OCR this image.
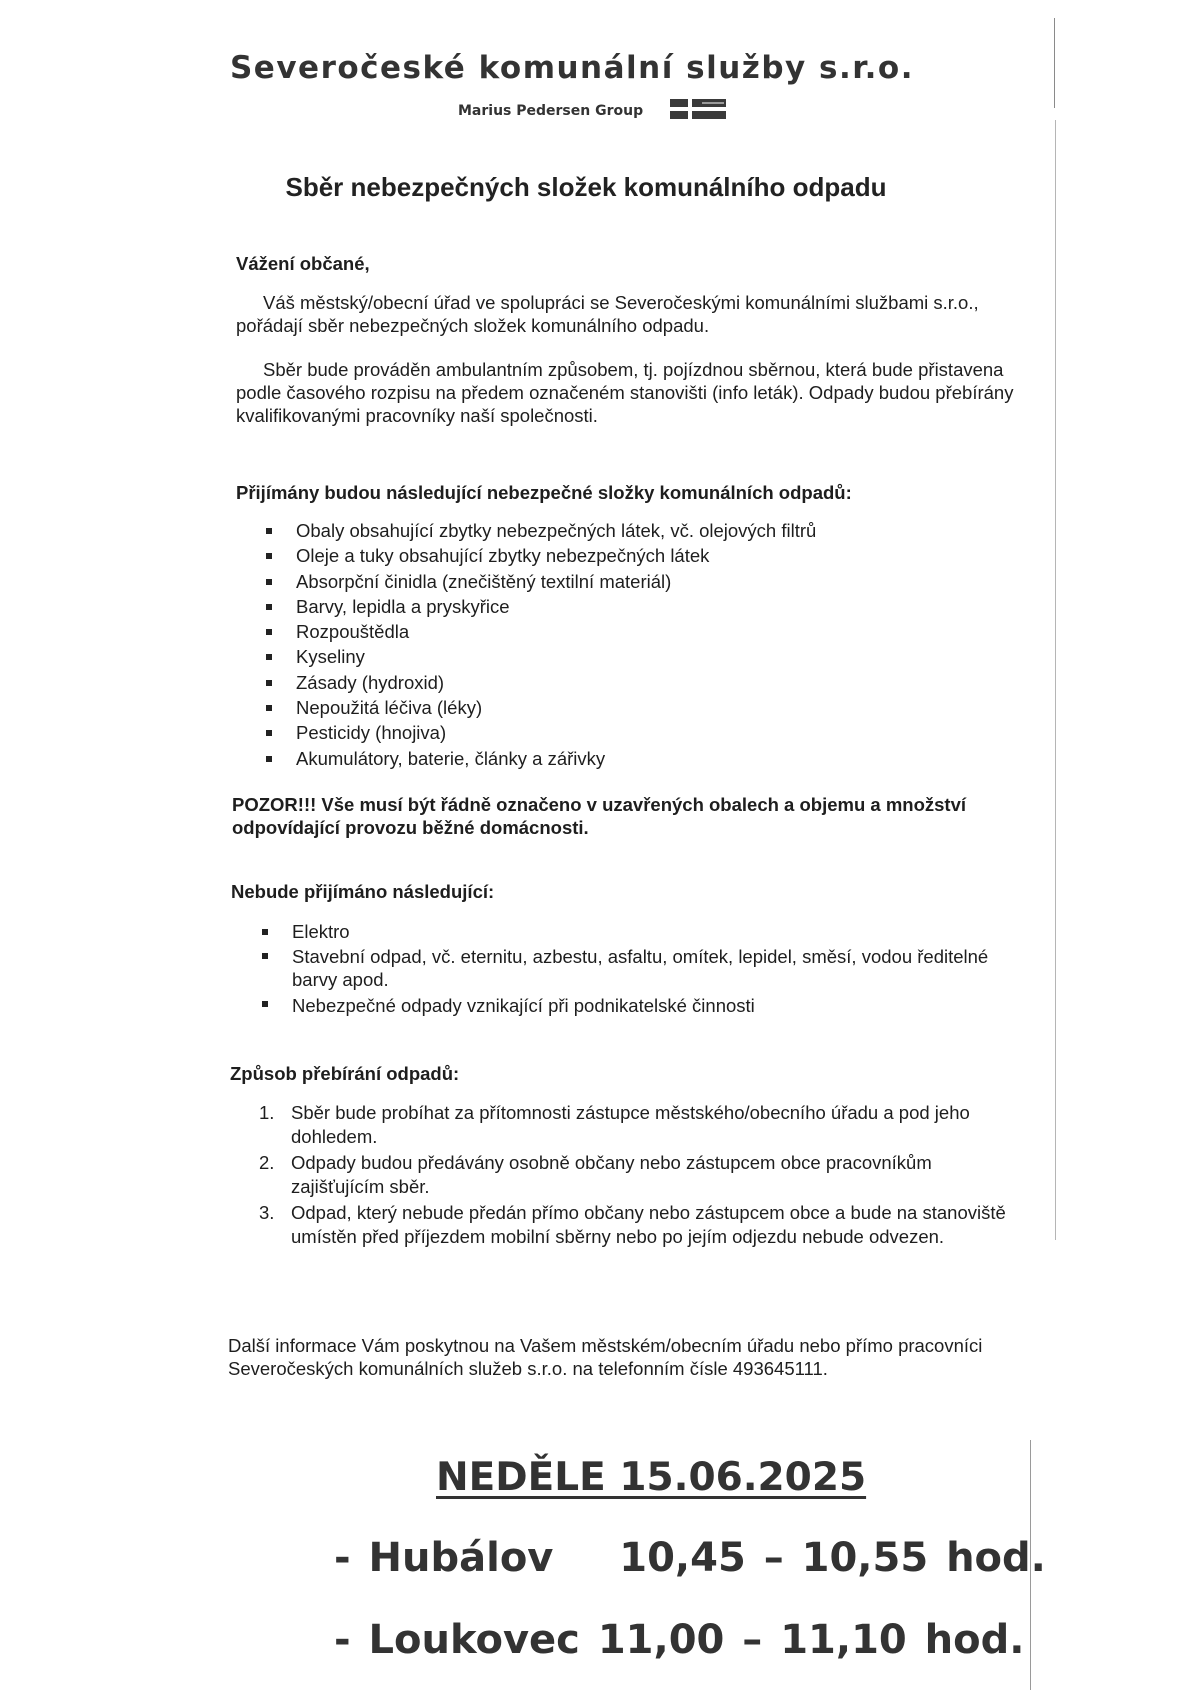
Severočeské komunální služby s.r.o.
Marius Pedersen Group
Sběr nebezpečných složek komunálního odpadu
Vážení občané,
Váš městský/obecní úřad ve spolupráci se Severočeskými komunálními službami s.r.o., pořádají sběr nebezpečných složek komunálního odpadu.
Sběr bude prováděn ambulantním způsobem, tj. pojízdnou sběrnou, která bude přistavena podle časového rozpisu na předem označeném stanovišti (info leták). Odpady budou přebírány kvalifikovanými pracovníky naší společnosti.
Přijímány budou následující nebezpečné složky komunálních odpadů:
Obaly obsahující zbytky nebezpečných látek, vč. olejových filtrů
Oleje a tuky obsahující zbytky nebezpečných látek
Absorpční činidla (znečištěný textilní materiál)
Barvy, lepidla a pryskyřice
Rozpouštědla
Kyseliny
Zásady (hydroxid)
Nepoužitá léčiva (léky)
Pesticidy (hnojiva)
Akumulátory, baterie, články a zářivky
POZOR!!! Vše musí být řádně označeno v uzavřených obalech a objemu a množství odpovídající provozu běžné domácnosti.
Nebude přijímáno následující:
Elektro
Stavební odpad, vč. eternitu, azbestu, asfaltu, omítek, lepidel, směsí, vodou ředitelné barvy apod.
Nebezpečné odpady vznikající při podnikatelské činnosti
Způsob přebírání odpadů:
1. Sběr bude probíhat za přítomnosti zástupce městského/obecního úřadu a pod jeho dohledem.
2. Odpady budou předávány osobně občany nebo zástupcem obce pracovníkům zajišťujícím sběr.
3. Odpad, který nebude předán přímo občany nebo zástupcem obce a bude na stanoviště umístěn před příjezdem mobilní sběrny nebo po jejím odjezdu nebude odvezen.
Další informace Vám poskytnou na Vašem městském/obecním úřadu nebo přímo pracovníci Severočeských komunálních služeb s.r.o. na telefonním čísle 493645111.
NEDĚLE 15.06.2025
- Hubálov 10,45 – 10,55 hod.
- Loukovec 11,00 – 11,10 hod.
